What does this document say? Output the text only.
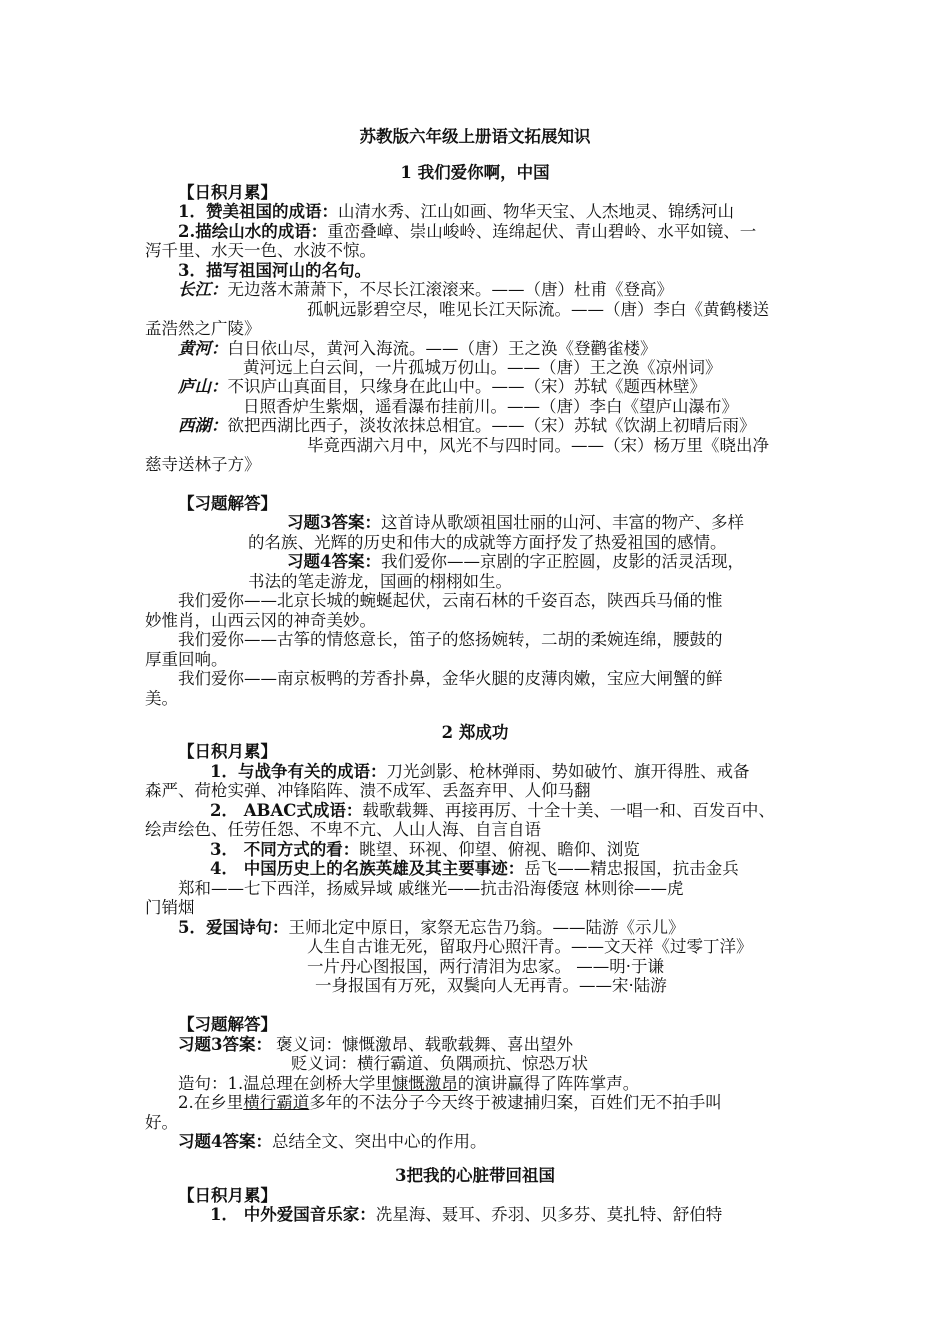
苏教版六年级上册语文拓展知识
1 我们爱你啊，中国
【日积月累】
1．赞美祖国的成语：山清水秀、江山如画、物华天宝、人杰地灵、锦绣河山
2.描绘山水的成语：重峦叠嶂、崇山峻岭、连绵起伏、青山碧岭、水平如镜、一
泻千里、水天一色、水波不惊。
3．描写祖国河山的名句。
长江：无边落木萧萧下，不尽长江滚滚来。——（唐）杜甫《登高》
孤帆远影碧空尽，唯见长江天际流。——（唐）李白《黄鹤楼送
孟浩然之广陵》
黄河：白日依山尽，黄河入海流。——（唐）王之涣《登鹳雀楼》
黄河远上白云间，一片孤城万仞山。——（唐）王之涣《凉州词》
庐山：不识庐山真面目，只缘身在此山中。——（宋）苏轼《题西林壁》
日照香炉生紫烟，遥看瀑布挂前川。——（唐）李白《望庐山瀑布》
西湖：欲把西湖比西子，淡妆浓抹总相宜。——（宋）苏轼《饮湖上初晴后雨》
毕竟西湖六月中，风光不与四时同。——（宋）杨万里《晓出净
慈寺送林子方》
【习题解答】
习题3答案：这首诗从歌颂祖国壮丽的山河、丰富的物产、多样
的名族、光辉的历史和伟大的成就等方面抒发了热爱祖国的感情。
习题4答案：我们爱你——京剧的字正腔圆，皮影的活灵活现，
书法的笔走游龙，国画的栩栩如生。
我们爱你——北京长城的蜿蜒起伏，云南石林的千姿百态，陕西兵马俑的惟
妙惟肖，山西云冈的神奇美妙。
我们爱你——古筝的情悠意长，笛子的悠扬婉转，二胡的柔婉连绵，腰鼓的
厚重回响。
我们爱你——南京板鸭的芳香扑鼻，金华火腿的皮薄肉嫩，宝应大闸蟹的鲜
美。
2 郑成功
【日积月累】
1．与战争有关的成语：刀光剑影、枪林弹雨、势如破竹、旗开得胜、戒备
森严、荷枪实弹、冲锋陷阵、溃不成军、丢盔弃甲、人仰马翻
2． ABAC式成语：载歌载舞、再接再厉、十全十美、一唱一和、百发百中、
绘声绘色、任劳任怨、不卑不亢、人山人海、自言自语
3． 不同方式的看：眺望、环视、仰望、俯视、瞻仰、浏览
4． 中国历史上的名族英雄及其主要事迹：岳飞——精忠报国，抗击金兵
郑和——七下西洋，扬威异域 戚继光——抗击沿海倭寇 林则徐——虎
门销烟
5．爱国诗句：王师北定中原日，家祭无忘告乃翁。——陆游《示儿》
人生自古谁无死，留取丹心照汗青。——文天祥《过零丁洋》
一片丹心图报国，两行清泪为忠家。 ——明·于谦
一身报国有万死，双鬓向人无再青。——宋·陆游
【习题解答】
习题3答案： 褒义词：慷慨激昂、载歌载舞、喜出望外
贬义词：横行霸道、负隅顽抗、惊恐万状
造句：1.温总理在剑桥大学里慷慨激昂的演讲赢得了阵阵掌声。
2.在乡里横行霸道多年的不法分子今天终于被逮捕归案，百姓们无不拍手叫
好。
习题4答案：总结全文、突出中心的作用。
3把我的心脏带回祖国
【日积月累】
1． 中外爱国音乐家：冼星海、聂耳、乔羽、贝多芬、莫扎特、舒伯特
